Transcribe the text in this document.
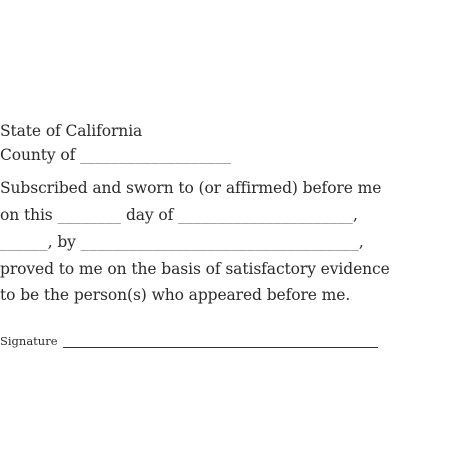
State of California
County of ___________________
Subscribed and sworn to (or affirmed) before me
on this ________ day of ______________________,
______, by ___________________________________,
proved to me on the basis of satisfactory evidence
to be the person(s) who appeared before me.
Signature
